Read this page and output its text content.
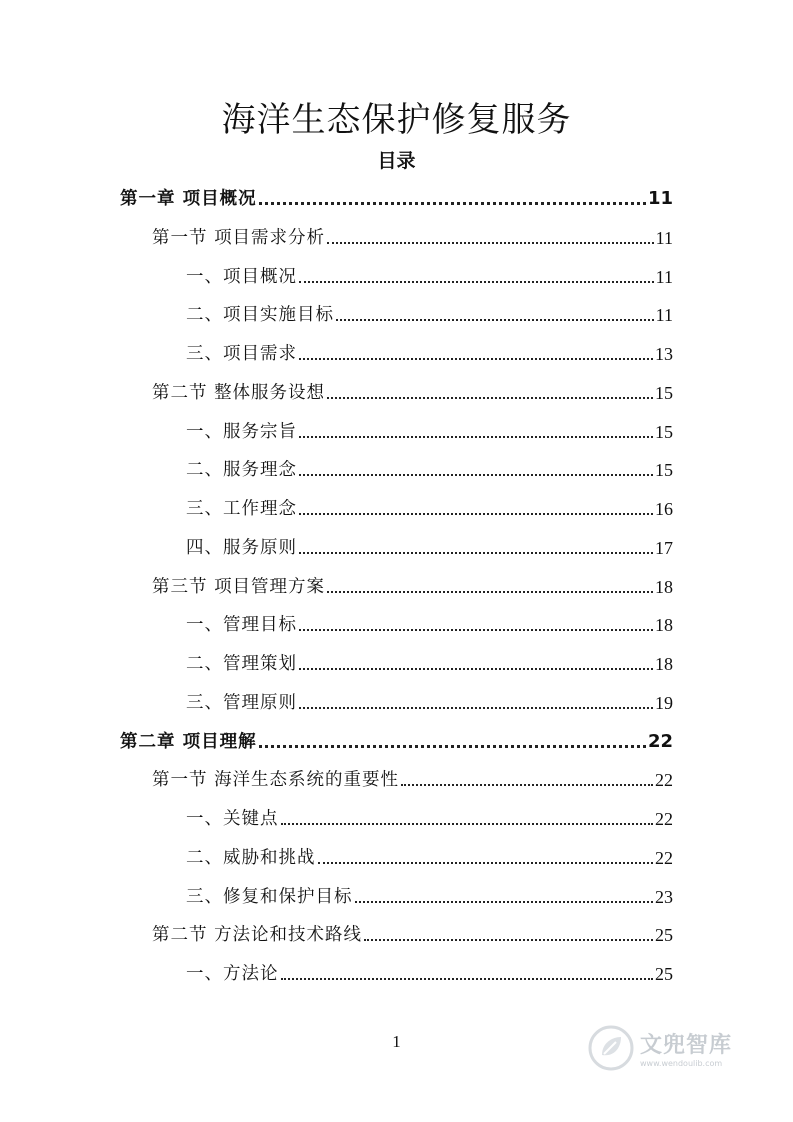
海洋生态保护修复服务
目录
第一章 项目概况	11
第一节 项目需求分析	11
一、项目概况	11
二、项目实施目标	11
三、项目需求	13
第二节 整体服务设想	15
一、服务宗旨	15
二、服务理念	15
三、工作理念	16
四、服务原则	17
第三节 项目管理方案	18
一、管理目标	18
二、管理策划	18
三、管理原则	19
第二章 项目理解	22
第一节 海洋生态系统的重要性	22
一、关键点	22
二、威胁和挑战	22
三、修复和保护目标	23
第二节 方法论和技术路线	25
一、方法论	25
1	文兜智库
www.wendoulib.com
